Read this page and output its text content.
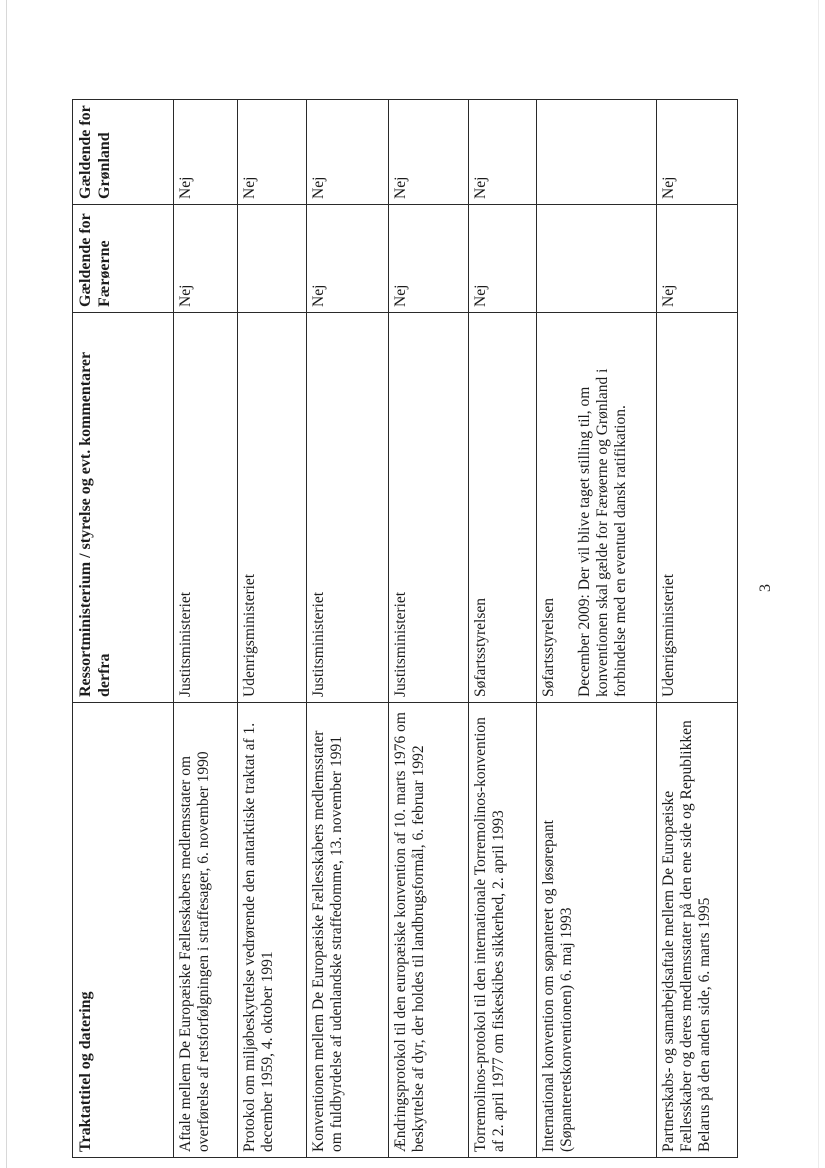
Traktattitel og datering	Ressortministerium / styrelse og evt. kommentarer derfra	Gældende for Færøerne	Gældende for Grønland
Aftale mellem De Europæiske Fællesskabers medlemsstater om overførelse af retsforfølgningen i straffesager, 6. november 1990	Justitsministeriet	Nej	Nej
Protokol om miljøbeskyttelse vedrørende den antarktiske traktat af 1. december 1959, 4. oktober 1991	Udenrigsministeriet		Nej
Konventionen mellem De Europæiske Fællesskabers medlemsstater om fuldbyrdelse af udenlandske straffedomme, 13. november 1991	Justitsministeriet	Nej	Nej
Ændringsprotokol til den europæiske konvention af 10. marts 1976 om beskyttelse af dyr, der holdes til landbrugsformål, 6. februar 1992	Justitsministeriet	Nej	Nej
Torremolinos-protokol til den internationale Torremolinos-konvention af 2. april 1977 om fiskeskibes sikkerhed, 2. april 1993	Søfartsstyrelsen	Nej	Nej
International konvention om søpanteret og løsørepant (Søpanteretskonventionen) 6. maj 1993	Søfartsstyrelsen December 2009: Der vil blive taget stilling til, om konventionen skal gælde for Færøerne og Grønland i forbindelse med en eventuel dansk ratifikation.		

Partnerskabs- og samarbejdsaftale mellem De Europæiske Fællesskaber og deres medlemsstater på den ene side og Republikken Belarus på den anden side, 6. marts 1995	Udenrigsministeriet	Nej	Nej
3
